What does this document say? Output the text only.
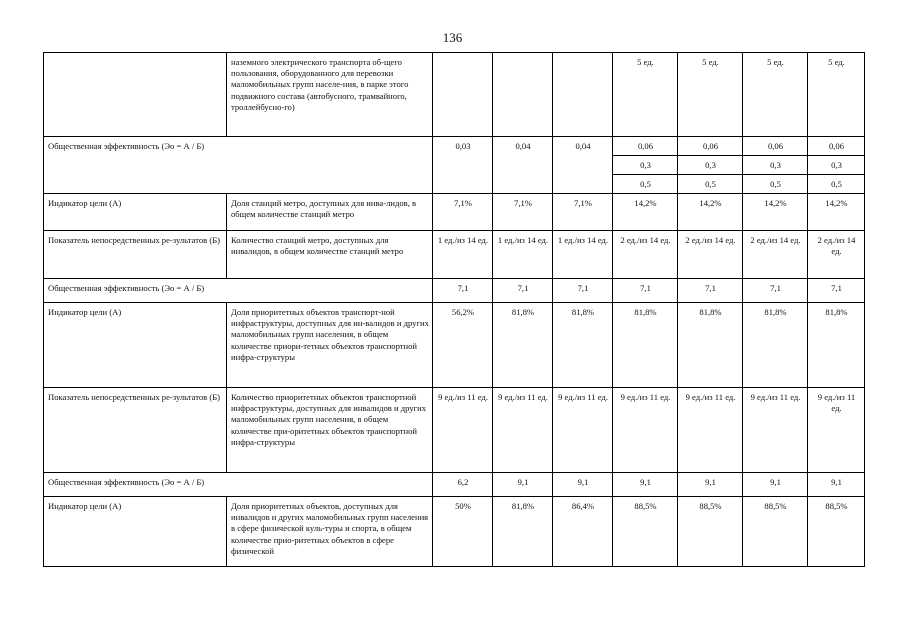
136
	наземного электрического транспорта об-щего пользования, оборудованного для перевозки маломобильных групп населе-ния, в парке этого подвижного состава (автобусного, трамвайного, троллейбусно-го)				5 ед.	5 ед.	5 ед.	5 ед.
Общественная эффективность (Эо = А / Б)		0,03	0,04	0,04	0,06	0,06	0,06	0,06
					0,3	0,3	0,3	0,3
					0,5	0,5	0,5	0,5
Индикатор цели (А)	Доля станций метро, доступных для инва-лидов, в общем количестве станций метро	7,1%	7,1%	7,1%	14,2%	14,2%	14,2%	14,2%
Показатель непосредственных ре-зультатов (Б)	Количество станций метро, доступных для инвалидов, в общем количестве станций метро	1 ед./из 14 ед.	1 ед./из 14 ед.	1 ед./из 14 ед.	2 ед./из 14 ед.	2 ед./из 14 ед.	2 ед./из 14 ед.	2 ед./из 14 ед.
Общественная эффективность (Эо = А / Б)		7,1	7,1	7,1	7,1	7,1	7,1	7,1
Индикатор цели (А)	Доля приоритетных объектов транспорт-ной инфраструктуры, доступных для ин-валидов и других маломобильных групп населения, в общем количестве приори-тетных объектов транспортной инфра-структуры	56,2%	81,8%	81,8%	81,8%	81,8%	81,8%	81,8%
Показатель непосредственных ре-зультатов (Б)	Количество приоритетных объектов транспортной инфраструктуры, доступных для инвалидов и других маломобильных групп населения, в общем количестве при-оритетных объектов транспортной инфра-структуры	9 ед./из 11 ед.	9 ед./из 11 ед.	9 ед./из 11 ед.	9 ед./из 11 ед.	9 ед./из 11 ед.	9 ед./из 11 ед.	9 ед./из 11 ед.
Общественная эффективность (Эо = А / Б)		6,2	9,1	9,1	9,1	9,1	9,1	9,1
Индикатор цели (А)	Доля приоритетных объектов, доступных для инвалидов и других маломобильных групп населения в сфере физической куль-туры и спорта, в общем количестве прио-ритетных объектов в сфере физической	50%	81,8%	86,4%	88,5%	88,5%	88,5%	88,5%
